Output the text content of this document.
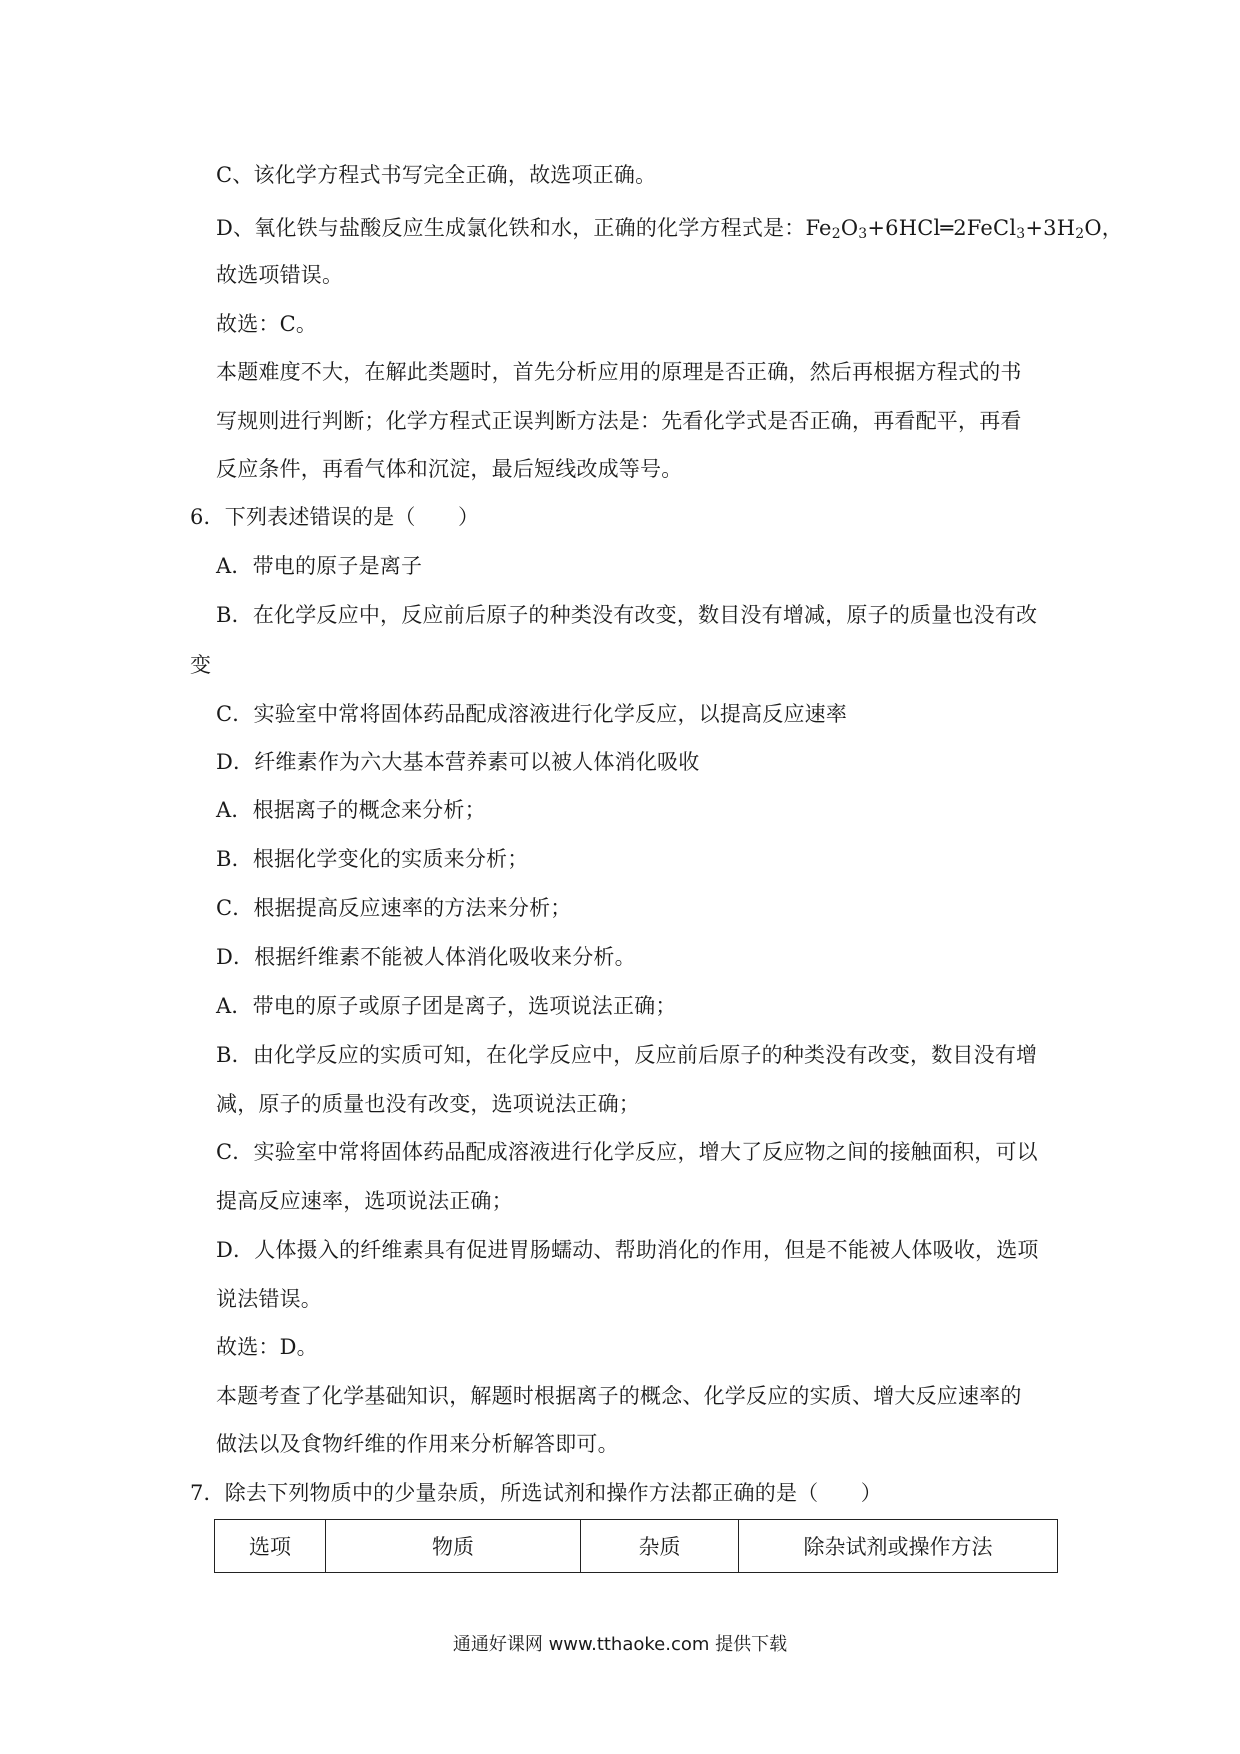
C、该化学方程式书写完全正确，故选项正确。
D、氧化铁与盐酸反应生成氯化铁和水，正确的化学方程式是：$Fe_2O_3+6HCl═2FeCl_3+3H_2O$，
故选项错误。
故选：C。
本题难度不大，在解此类题时，首先分析应用的原理是否正确，然后再根据方程式的书
写规则进行判断；化学方程式正误判断方法是：先看化学式是否正确，再看配平，再看
反应条件，再看气体和沉淀，最后短线改成等号。
6．下列表述错误的是（　　）
A．带电的原子是离子
B．在化学反应中，反应前后原子的种类没有改变，数目没有增减，原子的质量也没有改
变
C．实验室中常将固体药品配成溶液进行化学反应，以提高反应速率
D．纤维素作为六大基本营养素可以被人体消化吸收
A．根据离子的概念来分析；
B．根据化学变化的实质来分析；
C．根据提高反应速率的方法来分析；
D．根据纤维素不能被人体消化吸收来分析。
A．带电的原子或原子团是离子，选项说法正确；
B．由化学反应的实质可知，在化学反应中，反应前后原子的种类没有改变，数目没有增
减，原子的质量也没有改变，选项说法正确；
C．实验室中常将固体药品配成溶液进行化学反应，增大了反应物之间的接触面积，可以
提高反应速率，选项说法正确；
D．人体摄入的纤维素具有促进胃肠蠕动、帮助消化的作用，但是不能被人体吸收，选项
说法错误。
故选：D。
本题考查了化学基础知识，解题时根据离子的概念、化学反应的实质、增大反应速率的
做法以及食物纤维的作用来分析解答即可。
7．除去下列物质中的少量杂质，所选试剂和操作方法都正确的是（　　）
选项	物质	杂质	除杂试剂或操作方法
通通好课网 www.tthaoke.com 提供下载
